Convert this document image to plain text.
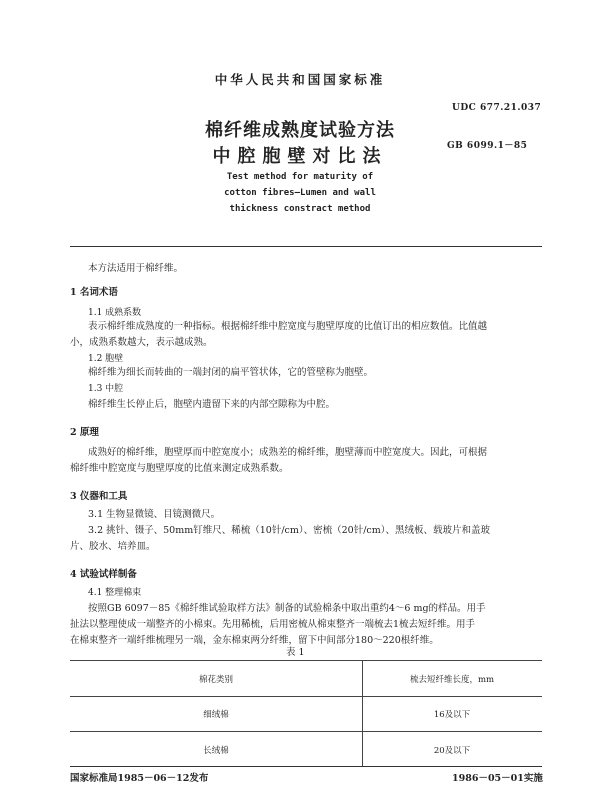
中华人民共和国国家标准
UDC 677.21.037
棉纤维成熟度试验方法
GB 6099.1－85
中腔胞壁对比法
Test method for maturity of
cotton fibres—Lumen and wall
thickness constract method
本方法适用于棉纤维。
1 名词术语
1.1 成熟系数
表示棉纤维成熟度的一种指标。根据棉纤维中腔宽度与胞壁厚度的比值订出的相应数值。比值越
小，成熟系数越大，表示越成熟。
1.2 胞壁
棉纤维为细长而转曲的一端封闭的扁平管状体，它的管壁称为胞壁。
1.3 中腔
棉纤维生长停止后，胞壁内遗留下来的内部空隙称为中腔。
2 原理
成熟好的棉纤维，胞壁厚而中腔宽度小；成熟差的棉纤维，胞壁薄而中腔宽度大。因此，可根据
棉纤维中腔宽度与胞壁厚度的比值来测定成熟系数。
3 仪器和工具
3.1 生物显微镜、目镜测微尺。
3.2 挑针、镊子、50mm钉维尺、稀梳（10针/cm）、密梳（20针/cm）、黑绒板、载玻片和盖玻
片、胶水、培养皿。
4 试验试样制备
4.1 整理棉束
按照GB 6097－85《棉纤维试验取样方法》制备的试验棉条中取出重约4～6 mg的样品。用手
扯法以整理使成一端整齐的小棉束。先用稀梳，后用密梳从棉束整齐一端梳去1梳去短纤维。用手
在棉束整齐一端纤维梳理另一端，金东棉束两分纤维，留下中间部分180～220根纤维。
表 1
棉花类别	梳去短纤维长度，mm
细绒棉	16及以下
长绒棉	20及以下
国家标准局1985－06－12发布	1986－05－01实施
